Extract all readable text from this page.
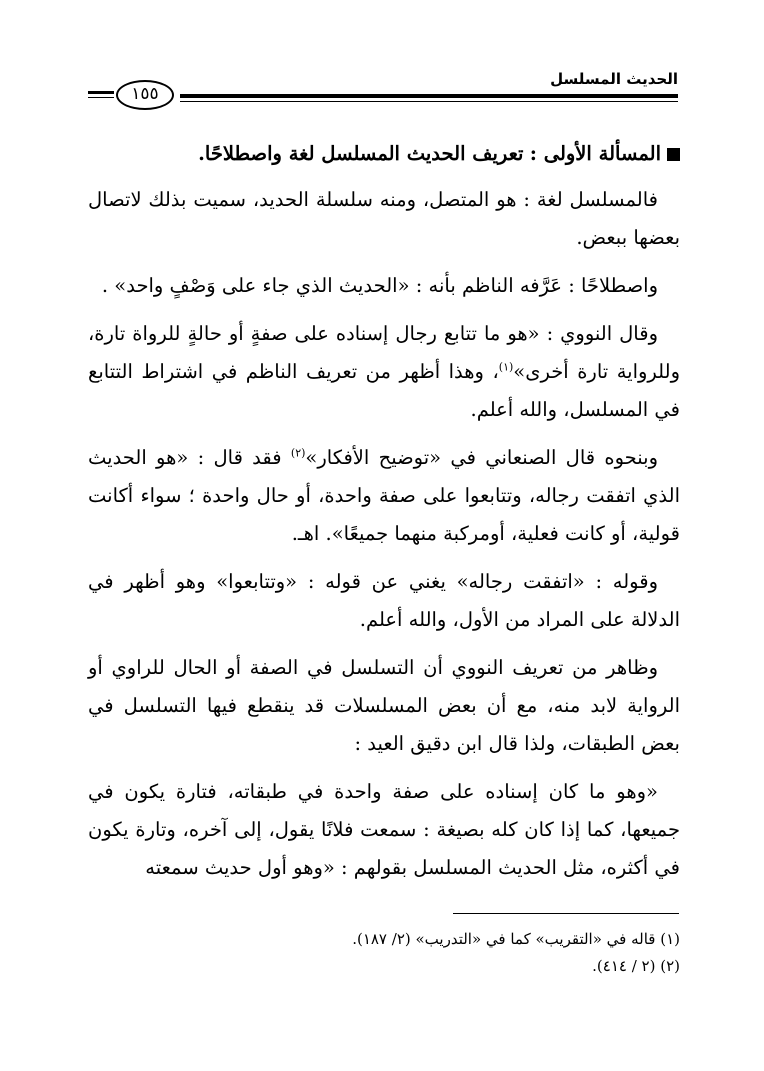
الحديث المسلسل
١٥٥

المسألة الأولى : تعريف الحديث المسلسل لغة واصطلاحًا.

فالمسلسل لغة : هو المتصل، ومنه سلسلة الحديد، سميت بذلك لاتصال بعضها ببعض.

واصطلاحًا : عَرَّفه الناظم بأنه : «الحديث الذي جاء على وَصْفٍ واحد» .

وقال النووي : «هو ما تتابع رجال إسناده على صفةٍ أو حالةٍ للرواة تارة، وللرواية تارة أخرى»$^{(١)}$، وهذا أظهر من تعريف الناظم في اشتراط التتابع في المسلسل، والله أعلم.

وبنحوه قال الصنعاني في «توضيح الأفكار»$^{(٢)}$ فقد قال : «هو الحديث الذي اتفقت رجاله، وتتابعوا على صفة واحدة، أو حال واحدة ؛ سواء أكانت قولية، أو كانت فعلية، أومركبة منهما جميعًا». اهـ.

وقوله : «اتفقت رجاله» يغني عن قوله : «وتتابعوا» وهو أظهر في الدلالة على المراد من الأول، والله أعلم.

وظاهر من تعريف النووي أن التسلسل في الصفة أو الحال للراوي أو الرواية لابد منه، مع أن بعض المسلسلات قد ينقطع فيها التسلسل في بعض الطبقات، ولذا قال ابن دقيق العيد :

«وهو ما كان إسناده على صفة واحدة في طبقاته، فتارة يكون في جميعها، كما إذا كان كله بصيغة : سمعت فلانًا يقول، إلى آخره، وتارة يكون في أكثره، مثل الحديث المسلسل بقولهم : «وهو أول حديث سمعته

(١) قاله في «التقريب» كما في «التدريب» (٢/ ١٨٧).
(٢) (٢ / ٤١٤).
